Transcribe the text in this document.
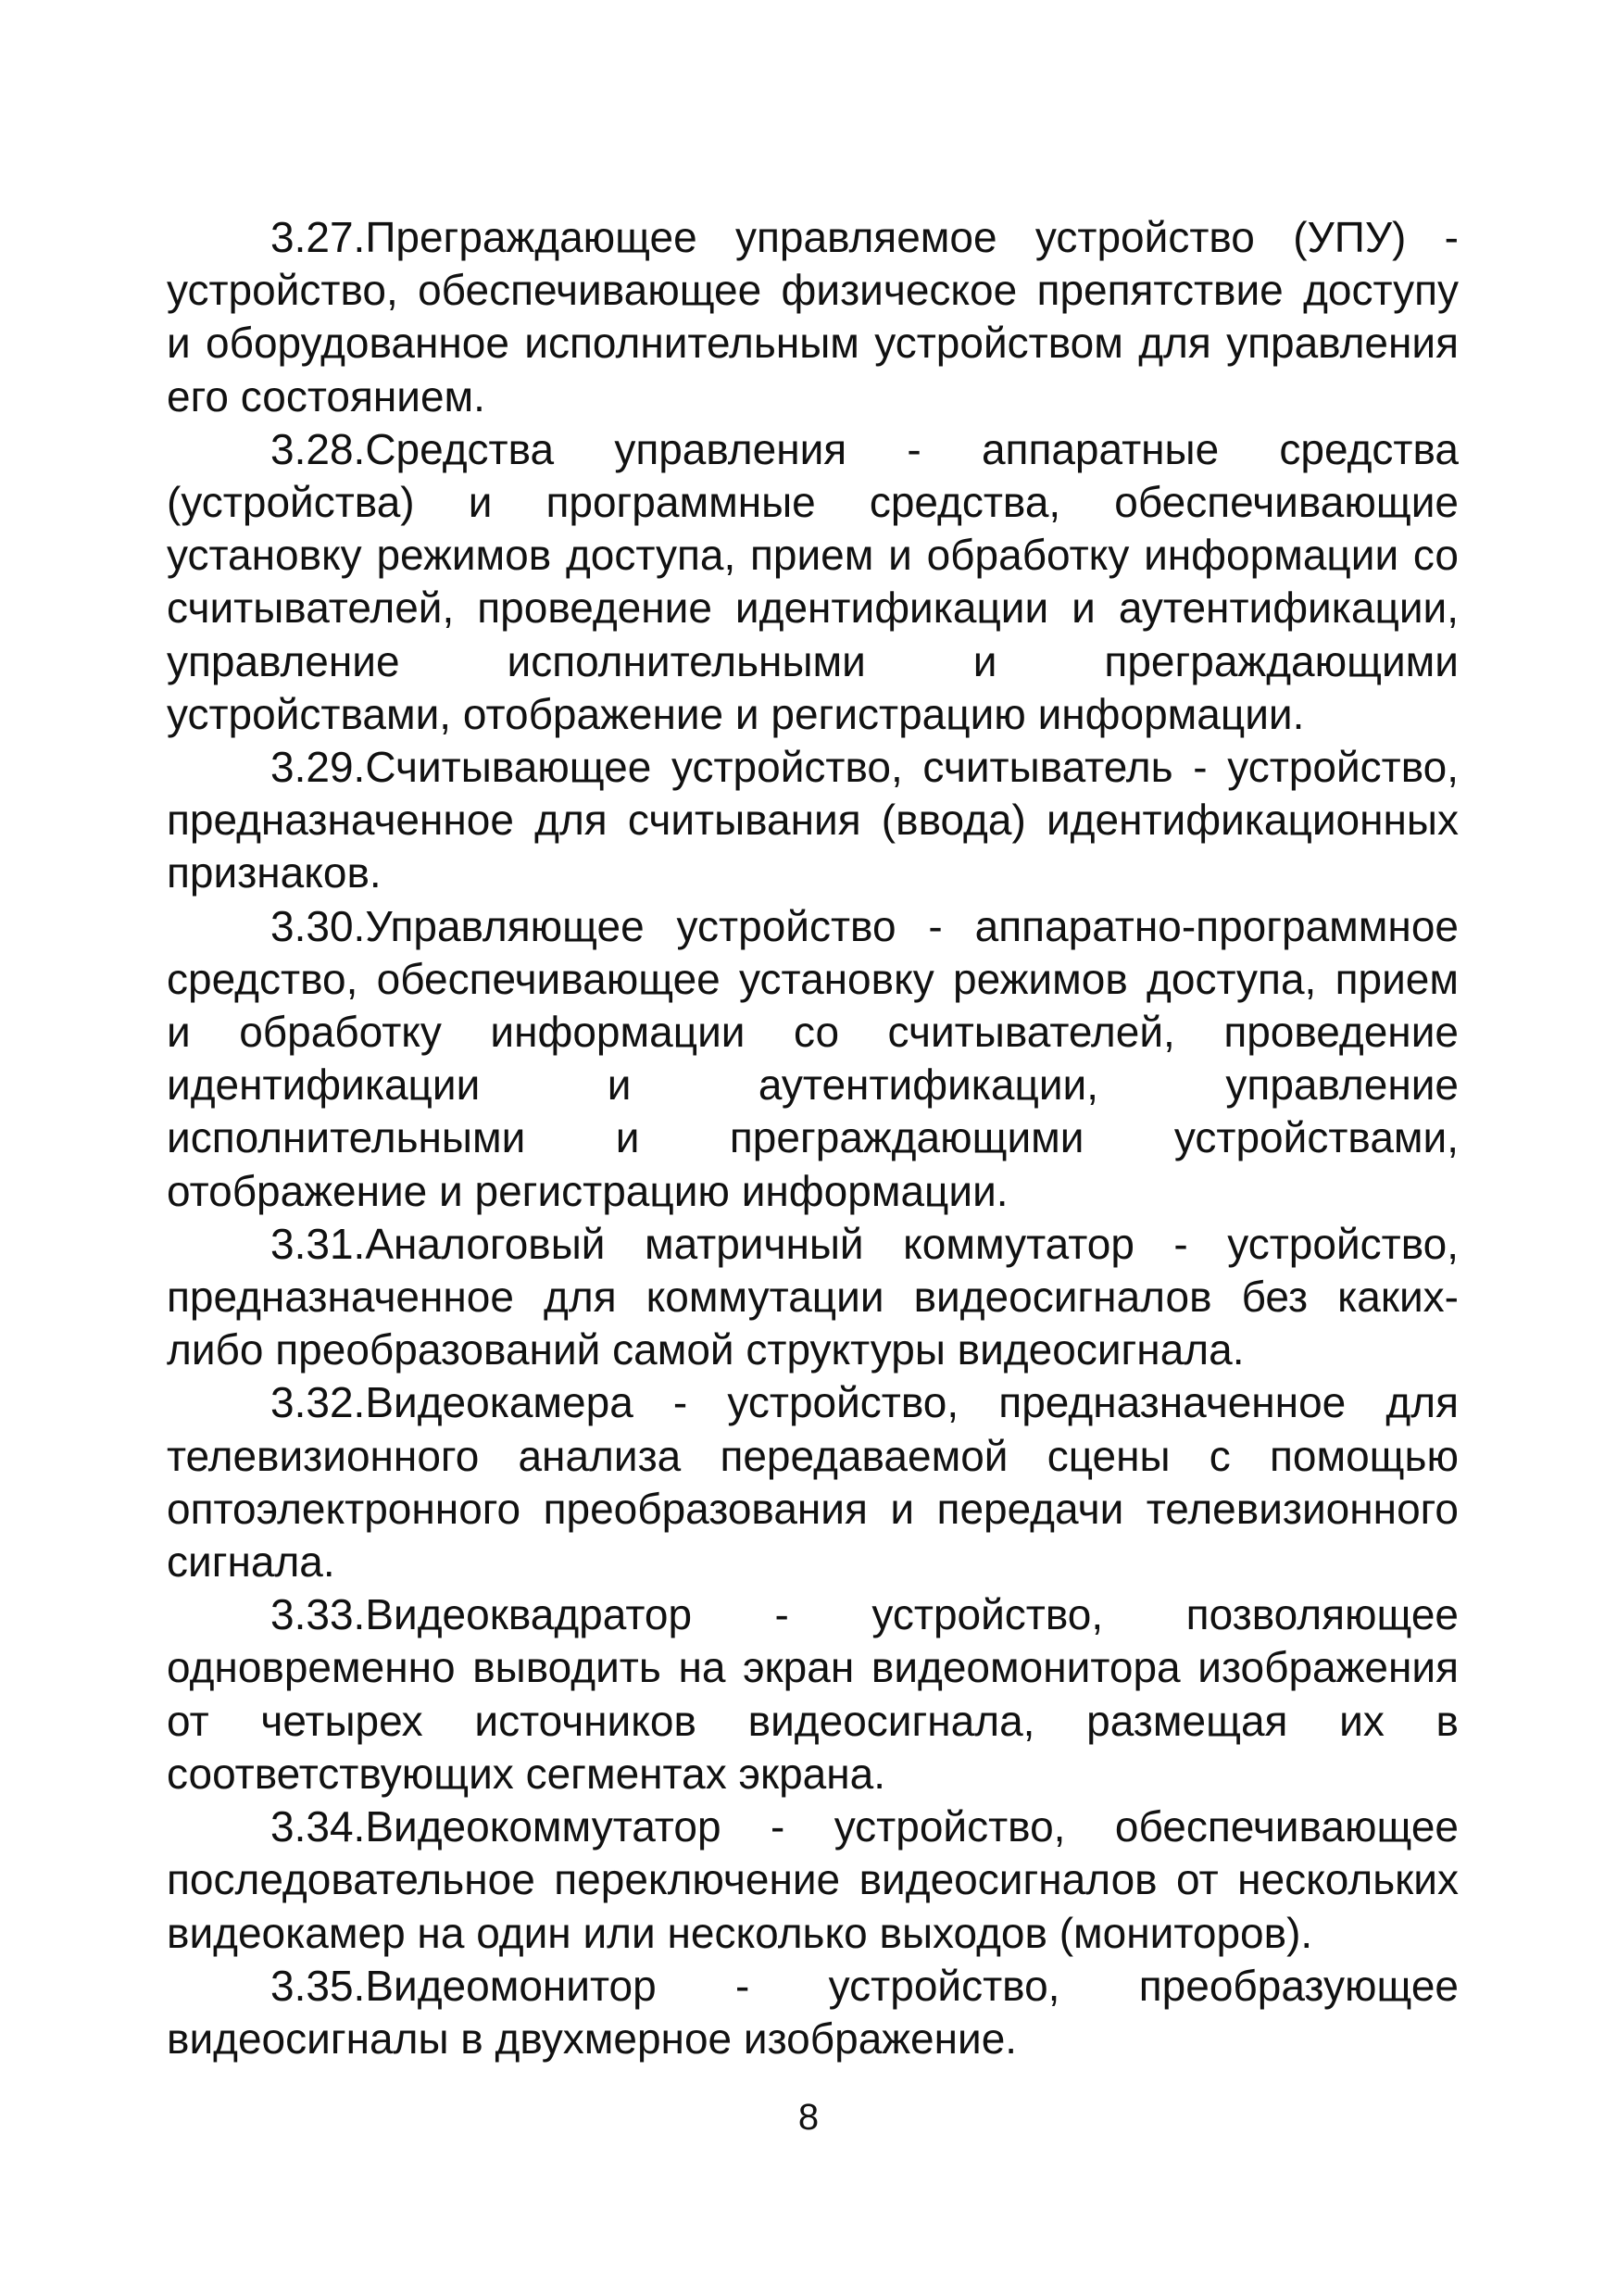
3.27.Преграждающее управляемое устройство (УПУ) - устройство, обеспечивающее физическое препятствие доступу и оборудованное исполнительным устройством для управления его состоянием.

3.28.Средства управления - аппаратные средства (устройства) и программные средства, обеспечивающие установку режимов доступа, прием и обработку информации со считывателей, проведение идентификации и аутентификации, управление исполнительными и преграждающими устройствами, отображение и регистрацию информации.

3.29.Считывающее устройство, считыватель - устройство, предназначенное для считывания (ввода) идентификационных признаков.

3.30.Управляющее устройство - аппаратно-программное средство, обеспечивающее установку режимов доступа, прием и обработку информации со считывателей, проведение идентификации и аутентификации, управление исполнительными и преграждающими устройствами, отображение и регистрацию информации.

3.31.Аналоговый матричный коммутатор - устройство, предназначенное для коммутации видеосигналов без каких-либо преобразований самой структуры видеосигнала.

3.32.Видеокамера - устройство, предназначенное для телевизионного анализа передаваемой сцены с помощью оптоэлектронного преобразования и передачи телевизионного сигнала.

3.33.Видеоквадратор - устройство, позволяющее одновременно выводить на экран видеомонитора изображения от четырех источников видеосигнала, размещая их в соответствующих сегментах экрана.

3.34.Видеокоммутатор - устройство, обеспечивающее последовательное переключение видеосигналов от нескольких видеокамер на один или несколько выходов (мониторов).

3.35.Видеомонитор - устройство, преобразующее видеосигналы в двухмерное изображение.

8
